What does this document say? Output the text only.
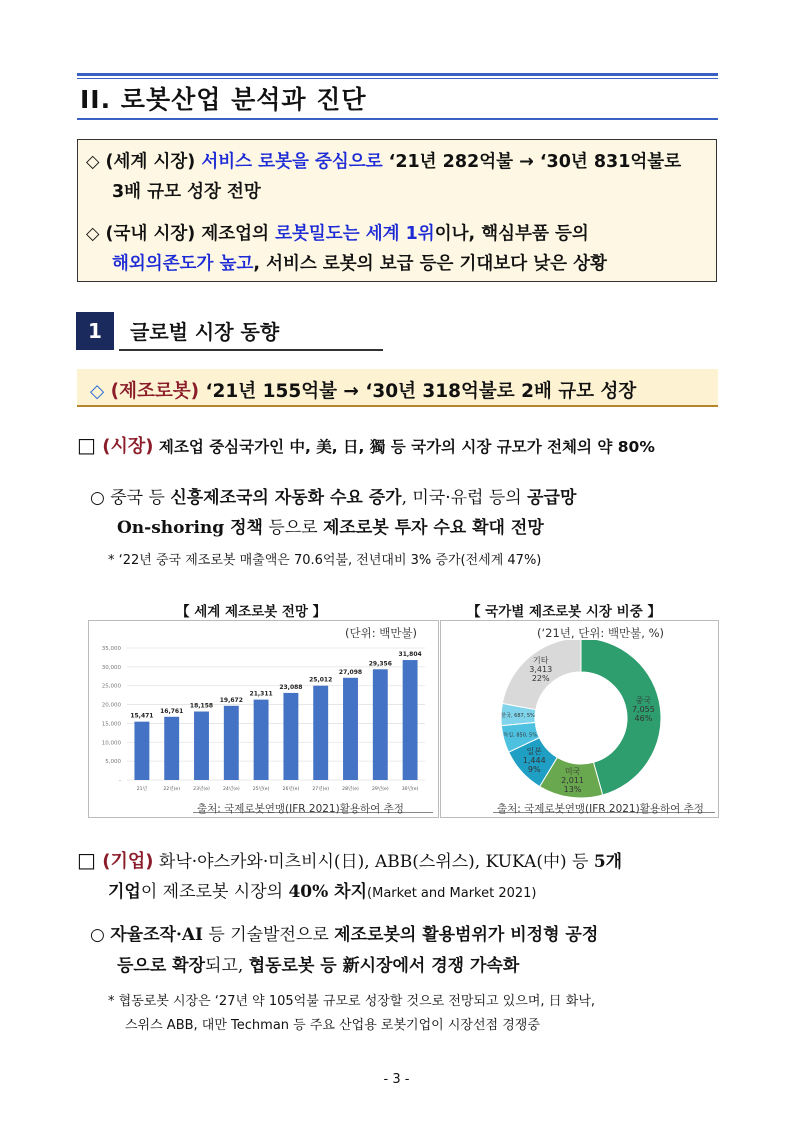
II. 로봇산업 분석과 진단
◇ (세계 시장) 서비스 로봇을 중심으로 ‘21년 282억불 → ‘30년 831억불로
3배 규모 성장 전망
◇ (국내 시장) 제조업의 로봇밀도는 세계 1위이나, 핵심부품 등의
해외의존도가 높고, 서비스 로봇의 보급 등은 기대보다 낮은 상황
1	글로벌 시장 동향
◇ (제조로봇) ‘21년 155억불 → ‘30년 318억불로 2배 규모 성장
□ (시장) 제조업 중심국가인 中, 美, 日, 獨 등 국가의 시장 규모가 전체의 약 80%
○ 중국 등 신흥제조국의 자동화 수요 증가, 미국·유럽 등의 공급망
On-shoring 정책 등으로 제조로봇 투자 수요 확대 전망
* ‘22년 중국 제조로봇 매출액은 70.6억불, 전년대비 3% 증가(전세계 47%)
【 세계 제조로봇 전망 】
(단위: 백만불)
35,000
30,000
25,000
20,000
15,000
10,000
5,000
-
15,471
21년
16,761
22년(e)
18,158
23년(e)
19,672
24년(e)
21,311
25년(e)
23,088
26년(e)
25,012
27년(e)
27,098
28년(e)
29,356
29년(e)
31,804
30년(e)
출처: 국제로봇연맹(IFR 2021)활용하여 추정
【 국가별 제조로봇 시장 비중 】
(‘21년, 단위: 백만불, %)
중국
7,055
46%
미국
2,011
13%
일본
1,444
9%
독일, 850, 5%
한국, 687, 5%
기타
3,413
22%
출처: 국제로봇연맹(IFR 2021)활용하여 추정
□ (기업) 화낙·야스카와·미츠비시(日), ABB(스위스), KUKA(中) 등 5개
기업이 제조로봇 시장의 40% 차지(Market and Market 2021)
○ 자율조작·AI 등 기술발전으로 제조로봇의 활용범위가 비정형 공정
등으로 확장되고, 협동로봇 등 新시장에서 경쟁 가속화
* 협동로봇 시장은 ‘27년 약 105억불 규모로 성장할 것으로 전망되고 있으며, 日 화낙,
스위스 ABB, 대만 Techman 등 주요 산업용 로봇기업이 시장선점 경쟁중
- 3 -
